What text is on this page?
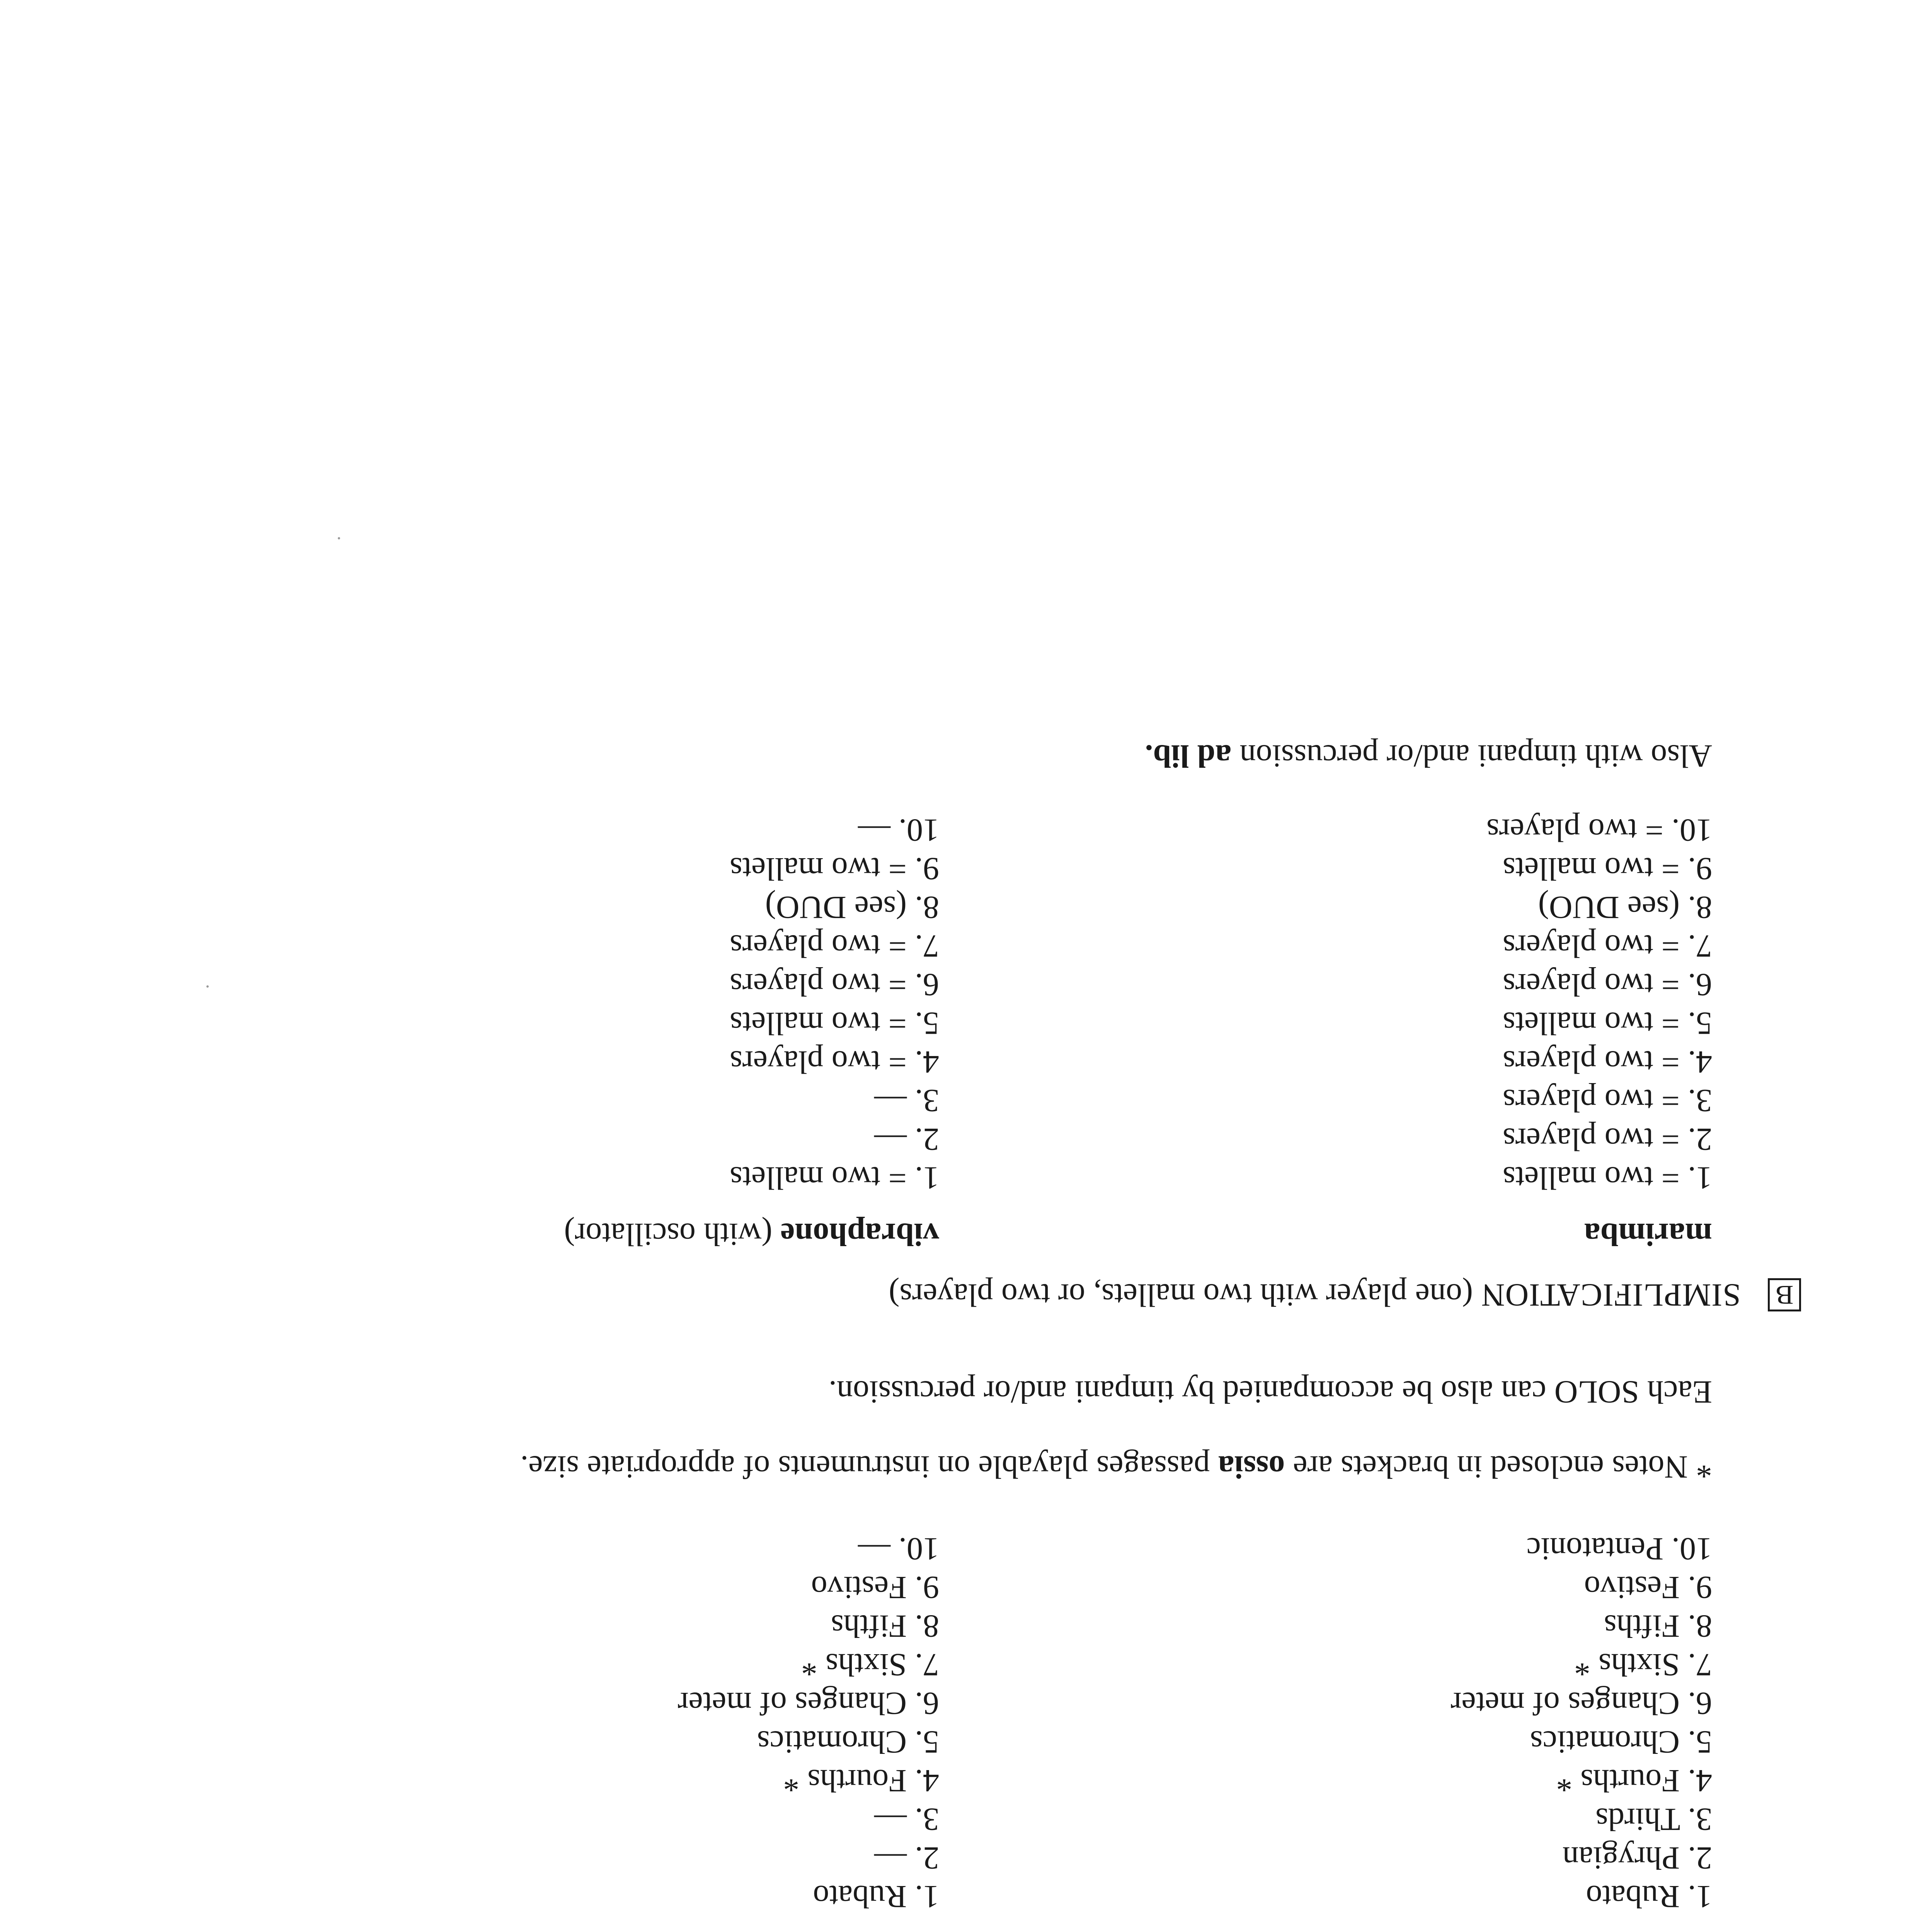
1. Rubato
2. Phrygian
3. Thirds
4. Fourths *
5. Chromatics
6. Changes of meter
7. Sixths *
8. Fifths
9. Festivo
10. Pentatonic
1. Rubato
2. —
3. —
4. Fourths *
5. Chromatics
6. Changes of meter
7. Sixths *
8. Fifths
9. Festivo
10. —

* Notes enclosed in brackets are ossia passages playable on instruments of appropriate size.

Each SOLO can also be accompanied by timpani and/or percussion.

B
SIMPLIFICATION

(one player with two mallets, or two players)
marimba
1. = two mallets
2. = two players
3. = two players
4. = two players
5. = two mallets
6. = two players
7. = two players
8. (see DUO)
9. = two mallets
10. = two players
vibraphone (with oscillator)
1. = two mallets
2. —
3. —
4. = two players
5. = two mallets
6. = two players
7. = two players
8. (see DUO)
9. = two mallets
10. —

Also with timpani and/or percussion ad lib.
